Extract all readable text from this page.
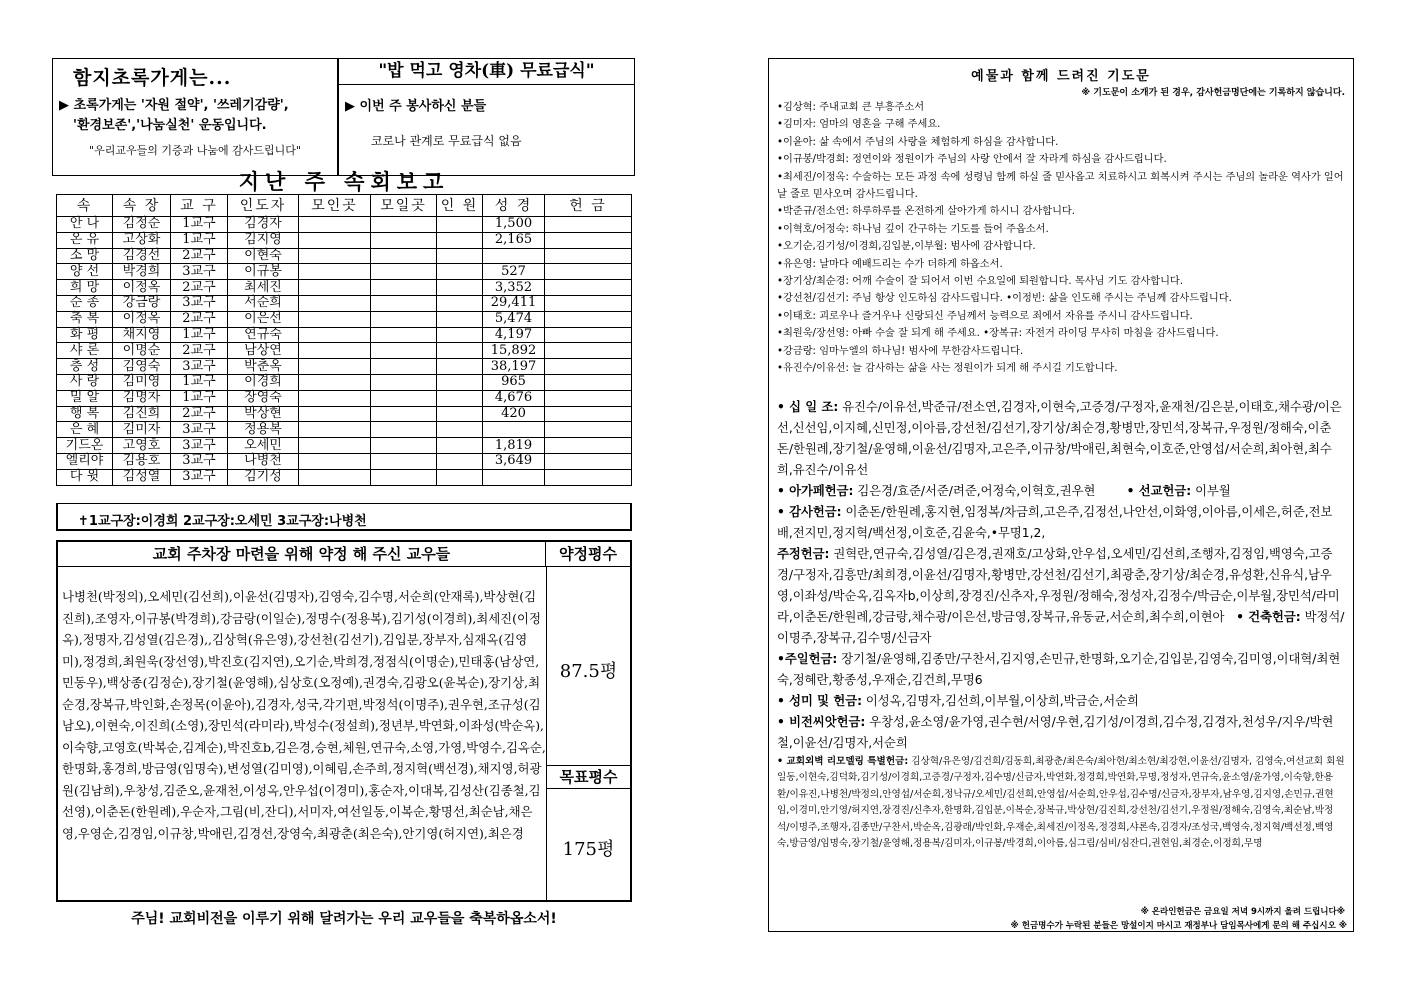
함지초록가게는...
▶ 초록가게는 '자원 절약', '쓰레기감량',
'환경보존','나눔실천' 운동입니다.
"우리교우들의 기증과 나눔에 감사드립니다"
"밥 먹고 영차(車) 무료급식"
▶ 이번 주 봉사하신 분들
코로나 관계로 무료급식 없음
지난 주 속회보고
속	속 장	교 구	인도자	모인곳	모일곳	인 원	성 경	헌 금
안 나	김정순	1교구	김경자				1,500	
온 유	고상화	1교구	김지영				2,165	
소 망	김경선	2교구	이현숙					
양 선	박경희	3교구	이규봉				527	
희 망	이정옥	2교구	최세진				3,352	
순 종	강금랑	3교구	서순희				29,411	
축 복	이정옥	2교구	이은선				5,474	
화 평	채지영	1교구	연규숙				4,197	
샤 론	이명순	2교구	남상연				15,892	
충 성	김영숙	3교구	박춘옥				38,197	
사 랑	김미영	1교구	이경희				965	
밀 알	김명자	1교구	장영숙				4,676	
행 복	김진희	2교구	박상현				420	
은 혜	김미자	3교구	정용복					
기드온	고영호	3교구	오세민				1,819	
엘리야	김용호	3교구	나병천				3,649	
다 윗	김성열	3교구	김기성					
✝1교구장:이경희 2교구장:오세민 3교구장:나병천
교회 주차장 마련을 위해 약정 해 주신 교우들	약정평수
나병천(박정의),오세민(김선희),이윤선(김명자),김영숙,김수명,서순희(안재록),박상현(김진희),조영자,이규봉(박경희),강금랑(이일순),정명수(정용복),김기성(이경희),최세진(이정옥),정명자,김성열(김은경),,김상혁(유은영),강선천(김선기),김입분,장부자,심재옥(김영미),정경희,최원욱(장선영),박진호(김지연),오기순,박희경,정점식(이명순),민태홍(남상연,민동우),백상종(김정순),장기철(윤영해),심상호(오정예),권경숙,김광오(윤복순),장기상,최순경,장복규,박인화,손정목(이윤아),김경자,성국,각기편,박정석(이명주),권우현,조규성(김남오),이현숙,이진희(소영),장민석(라미라),박성수(정설희),정년부,박연화,이좌성(박순옥),이숙향,고영호(박복순,김계순),박진호b,김은경,승현,체원,연규숙,소영,가영,박영수,김옥순,한명화,홍경희,방금영(임명숙),변성열(김미영),이혜림,손주희,정지혁(백선경),채지영,허광원(김남희),우창성,김준오,윤재천,이성옥,안우섭(이경미),홍순자,이대복,김성산(김종철,김선영),이춘돈(한원례),우순자,그림(비,잔디),서미자,여선일동,이복순,황명선,최순남,채은영,우영순,김경임,이규창,박애린,김경선,장영숙,최광춘(최은숙),안기영(허지연),최은경
87.5평
목표평수
175평
주님! 교회비전을 이루기 위해 달려가는 우리 교우들을 축복하옵소서!
예물과 함께 드려진 기도문
※ 기도문이 소개가 된 경우, 감사헌금명단에는 기록하지 않습니다.
•김상혁: 주내교회 큰 부흥주소서
•김미자: 엄마의 영혼을 구해 주세요.
•이윤아: 삶 속에서 주님의 사랑을 체험하게 하심을 감사합니다.
•이규봉/박경희: 정연이와 정원이가 주님의 사랑 안에서 잘 자라게 하심을 감사드립니다.
•최세진/이정옥: 수술하는 모든 과정 속에 성령님 함께 하실 줄 믿사옵고 치료하시고 회복시켜 주시는 주님의 놀라운 역사가 일어날 줄로 믿사오며 감사드립니다.
•박준규/전소연: 하루하루를 온전하게 살아가게 하시니 감사합니다.
•이혁호/어정숙: 하나님 깊이 간구하는 기도를 들어 주옵소서.
•오기순,김기성/이경희,김입분,이부월: 범사에 감사합니다.
•유은영: 날마다 예배드리는 수가 더하게 하옵소서.
•장기상/최순경: 어깨 수술이 잘 되어서 이번 수요일에 퇴원합니다. 목사님 기도 감사합니다.
•강선천/김선기: 주님 항상 인도하심 감사드립니다. •이정빈: 삶을 인도해 주시는 주님께 감사드립니다.
•이태호: 괴로우나 즐거우나 신랑되신 주님께서 능력으로 죄에서 자유를 주시니 감사드립니다.
•최원욱/장선영: 아빠 수술 잘 되게 해 주세요. •장복규: 자전거 라이딩 무사히 마침을 감사드립니다.
•강금랑: 임마누엘의 하나님! 범사에 무한감사드립니다.
•유진수/이유선: 늘 감사하는 삶을 사는 정원이가 되게 해 주시길 기도합니다.
• 십 일 조: 유진수/이유선,박준규/전소연,김경자,이현숙,고증경/구정자,윤재천/김은분,이태호,채수광/이은선,신선임,이지혜,신민정,이아름,강선천/김선기,장기상/최순경,황병만,장민석,장복규,우정원/정해숙,이춘돈/한원례,장기철/윤영해,이윤선/김명자,고은주,이규창/박애린,최현숙,이호준,안영섭/서순희,최아현,최수희,유진수/이유선
• 아가페헌금: 김은경/효준/서준/려준,어정숙,이혁호,권우현	• 선교헌금: 이부월
• 감사헌금: 이춘돈/한원례,홍지현,임정복/차금희,고은주,김정선,나안선,이화영,이아름,이세은,허준,전보배,전지민,정지혁/백선정,이호준,김윤숙,•무명1,2,
주정헌금: 권혁란,연규숙,김성열/김은경,권재호/고상화,안우섭,오세민/김선희,조행자,김정임,백영숙,고증경/구정자,김흥만/최희경,이윤선/김명자,황병만,강선천/김선기,최광춘,장기상/최순경,유성환,신유식,남우영,이좌성/박순옥,김옥자b,이상희,장경진/신추자,우정원/정해숙,정성자,김정수/박금순,이부월,장민석/라미라,이춘돈/한원례,강금랑,채수광/이은선,방금영,장복규,유동균,서순희,최수희,이현아 • 건축헌금: 박정석/이명주,장복규,김수명/신금자
•주일헌금: 장기철/윤영해,김종만/구찬서,김지영,손민규,한명화,오기순,김입분,김영숙,김미영,이대혁/최현숙,정혜란,황종성,우재순,김건희,무명6
• 성미 및 헌금: 이성옥,김명자,김선희,이부월,이상희,박금순,서순희
• 비전씨앗헌금: 우창성,윤소영/윤가영,권수현/서영/우현,김기성/이경희,김수정,김경자,천성우/지우/박현철,이윤선/김명자,서순희
• 교회외벽 리모델링 특별헌금: 김상혁/유은영/김건희/김동희,최광춘/최은숙/최아현/최소현/최강현,이윤선/김명자, 김영숙,여선교회 회원일동,이현숙,김덕화,김기성/이경희,고증경/구정자,김수명/신금자,박연화,정경희,박연화,무명,정성자,연규숙,윤소영/윤가영,이숙향,한용환/이유진,나병천/박정의,안영섭/서순희,정낙규/오세민/김선희,안영섭/서순희,안우섭,김수명/신금자,장부자,남우영,김지영,손민규,권현임,이경미,안기영/허지연,장경진/신추자,한명화,김입분,이복순,장복규,박상현/김진희,강선천/김선기,우정원/정해숙,김영숙,최순남,박정석/이명주,조행자,김종만/구찬서,박순옥,김광래/박인화,우재순,최세진/이정옥,정경희,샤론속,김경자/조성국,백영숙,정지혁/백선정,백영숙,방금영/임명숙,장기철/윤영해,정용복/김미자,이규봉/박경희,이아름,심그림/심비/심잔디,권현임,최경순,이정희,무명
※ 온라인헌금은 금요일 저녁 9시까지 올려 드립니다※
※ 헌금명수가 누락된 분들은 망설이지 마시고 재정부나 담임목사에게 문의 해 주십시오 ※
